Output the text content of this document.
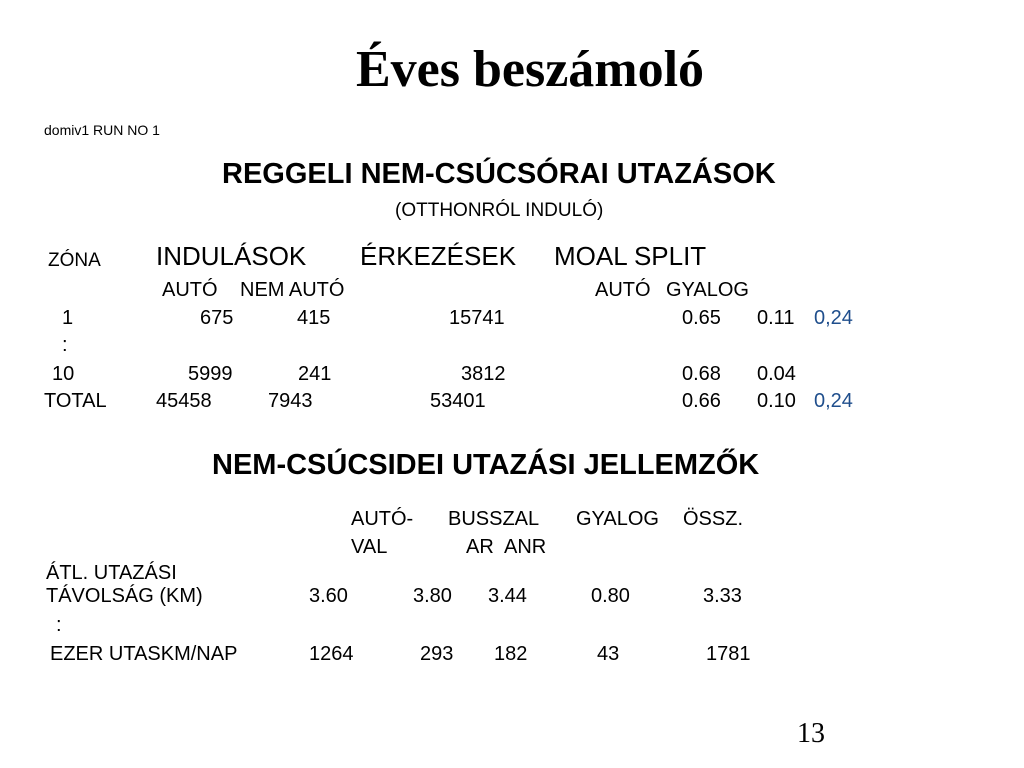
Éves beszámoló
domiv1 RUN NO 1
REGGELI NEM-CSÚCSÓRAI UTAZÁSOK
(OTTHONRÓL INDULÓ)
ZÓNA INDULÁSOK ÉRKEZÉSEK MOAL SPLIT
AUTÓ NEM AUTÓ	AUTÓ GYALOG
1	675	415	15741	0.65 0.11 0,24
:
10	5999	241	3812	0.68 0.04
TOTAL 45458	7943	53401	0.66 0.10 0,24
NEM-CSÚCSIDEI UTAZÁSI JELLEMZŐK
AUTÓ- BUSSZAL GYALOG ÖSSZ.
VAL	AR ANR
ÁTL. UTAZÁSI
TÁVOLSÁG (KM)	3.60	3.80 3.44	0.80	3.33
:
EZER UTASKM/NAP	1264	293 182	43	1781
13
